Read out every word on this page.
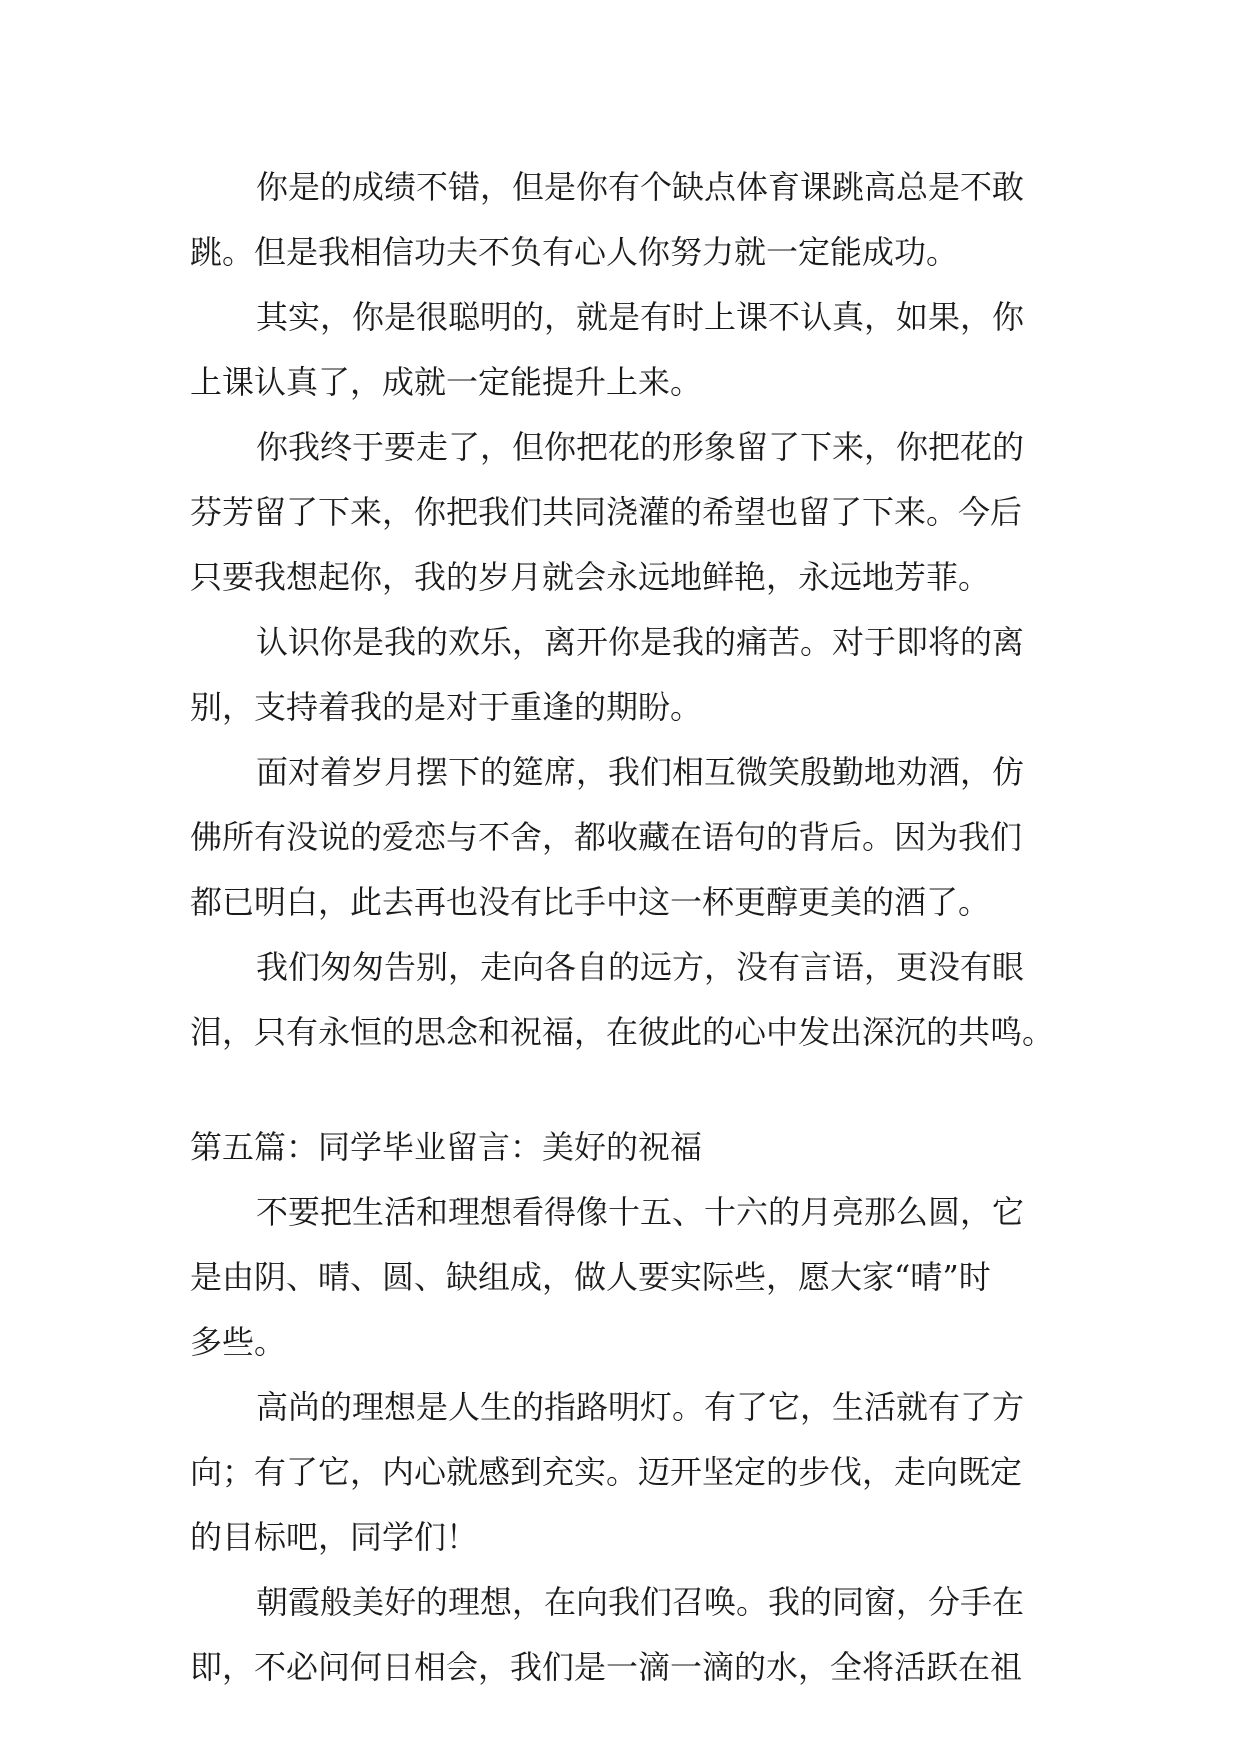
你是的成绩不错，但是你有个缺点体育课跳高总是不敢
跳。但是我相信功夫不负有心人你努力就一定能成功。
其实，你是很聪明的，就是有时上课不认真，如果，你
上课认真了，成就一定能提升上来。
你我终于要走了，但你把花的形象留了下来，你把花的
芬芳留了下来，你把我们共同浇灌的希望也留了下来。今后
只要我想起你，我的岁月就会永远地鲜艳，永远地芳菲。
认识你是我的欢乐，离开你是我的痛苦。对于即将的离
别，支持着我的是对于重逢的期盼。
面对着岁月摆下的筵席，我们相互微笑殷勤地劝酒，仿
佛所有没说的爱恋与不舍，都收藏在语句的背后。因为我们
都已明白，此去再也没有比手中这一杯更醇更美的酒了。
我们匆匆告别，走向各自的远方，没有言语，更没有眼
泪，只有永恒的思念和祝福，在彼此的心中发出深沉的共鸣。
第五篇：同学毕业留言：美好的祝福
不要把生活和理想看得像十五、十六的月亮那么圆，它
是由阴、晴、圆、缺组成，做人要实际些，愿大家“晴”时
多些。
高尚的理想是人生的指路明灯。有了它，生活就有了方
向；有了它，内心就感到充实。迈开坚定的步伐，走向既定
的目标吧，同学们！
朝霞般美好的理想，在向我们召唤。我的同窗，分手在
即，不必问何日相会，我们是一滴一滴的水，全将活跃在祖
